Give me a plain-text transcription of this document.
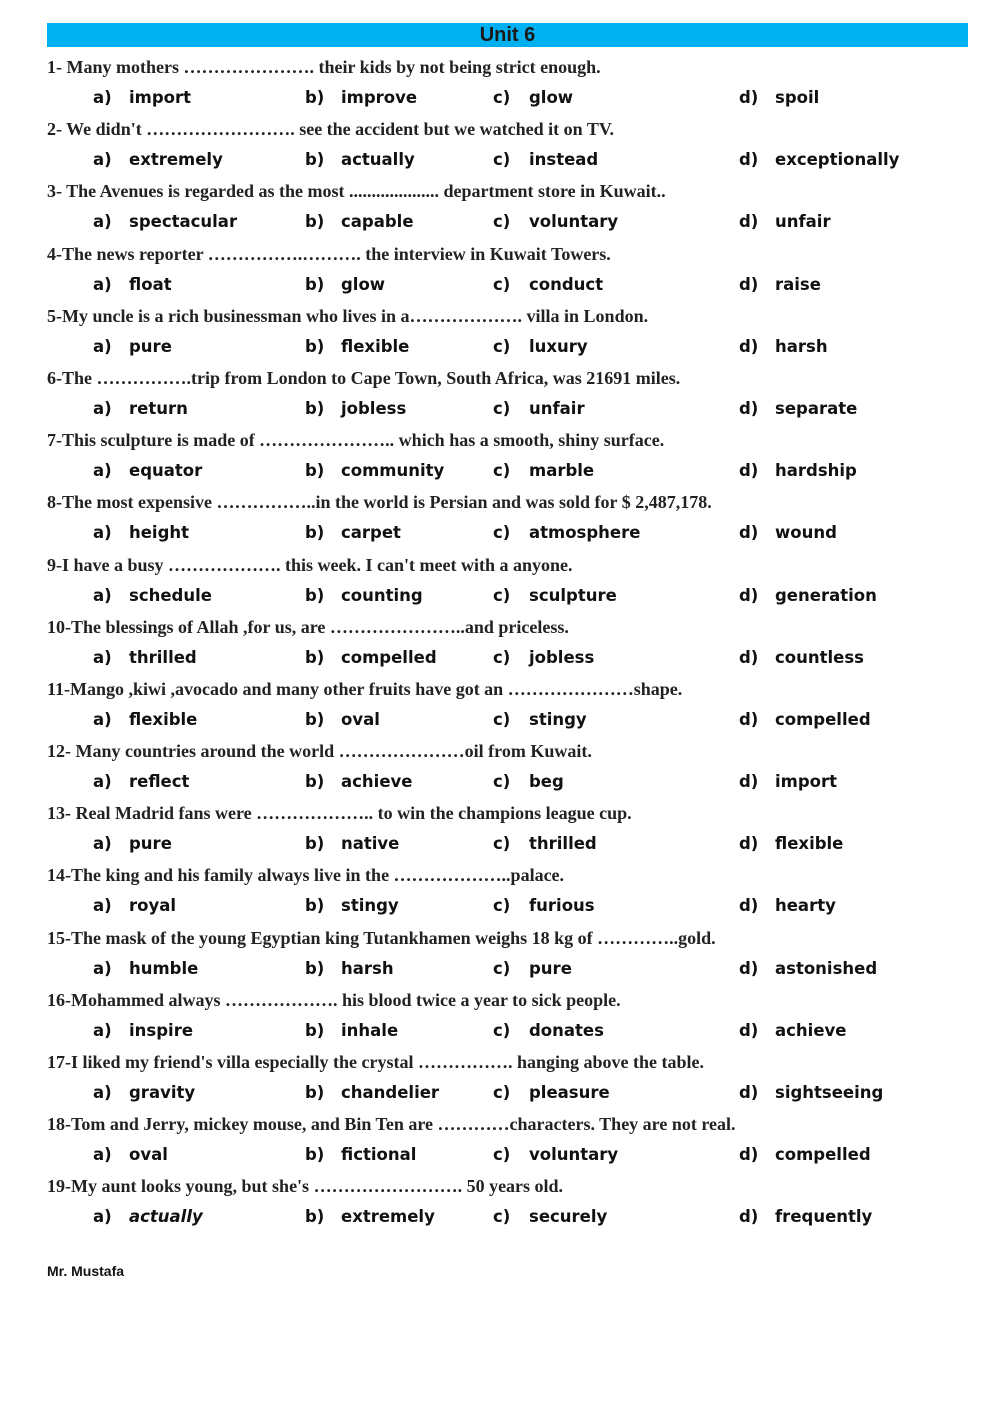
Unit 6
1- Many mothers …………………. their kids by not being strict enough.
a) import	b) improve	c) glow	d) spoil
2- We didn't ……………………. see the accident but we watched it on TV.
a) extremely	b) actually	c) instead	d) exceptionally
3- The Avenues is regarded as the most .................... department store in Kuwait..
a) spectacular	b) capable	c) voluntary	d) unfair
4-The news reporter …………….………. the interview in Kuwait Towers.
a) float	b) glow	c) conduct	d) raise
5-My uncle is a rich businessman who lives in a………………. villa in London.
a) pure	b) flexible	c) luxury	d) harsh
6-The …………….trip from London to Cape Town, South Africa, was 21691 miles.
a) return	b) jobless	c) unfair	d) separate
7-This sculpture is made of ………………….. which has a smooth, shiny surface.
a) equator	b) community	c) marble	d) hardship
8-The most expensive ……………..in the world is Persian and was sold for $ 2,487,178.
a) height	b) carpet	c) atmosphere	d) wound
9-I have a busy ………………. this week. I can't meet with a anyone.
a) schedule	b) counting	c) sculpture	d) generation
10-The blessings of Allah ,for us, are …………………..and priceless.
a) thrilled	b) compelled	c) jobless	d) countless
11-Mango ,kiwi ,avocado and many other fruits have got an …………………shape.
a) flexible	b) oval	c) stingy	d) compelled
12- Many countries around the world …………………oil from Kuwait.
a) reflect	b) achieve	c) beg	d) import
13- Real Madrid fans were ……………….. to win the champions league cup.
a) pure	b) native	c) thrilled	d) flexible
14-The king and his family always live in the ………………..palace.
a) royal	b) stingy	c) furious	d) hearty
15-The mask of the young Egyptian king Tutankhamen weighs 18 kg of …………..gold.
a) humble	b) harsh	c) pure	d) astonished
16-Mohammed always ………………. his blood twice a year to sick people.
a) inspire	b) inhale	c) donates	d) achieve
17-I liked my friend's villa especially the crystal ……………. hanging above the table.
a) gravity	b) chandelier	c) pleasure	d) sightseeing
18-Tom and Jerry, mickey mouse, and Bin Ten are …………characters. They are not real.
a) oval	b) fictional	c) voluntary	d) compelled
19-My aunt looks young, but she's ……………………. 50 years old.
a) actually	b) extremely	c) securely	d) frequently
Mr. Mustafa
